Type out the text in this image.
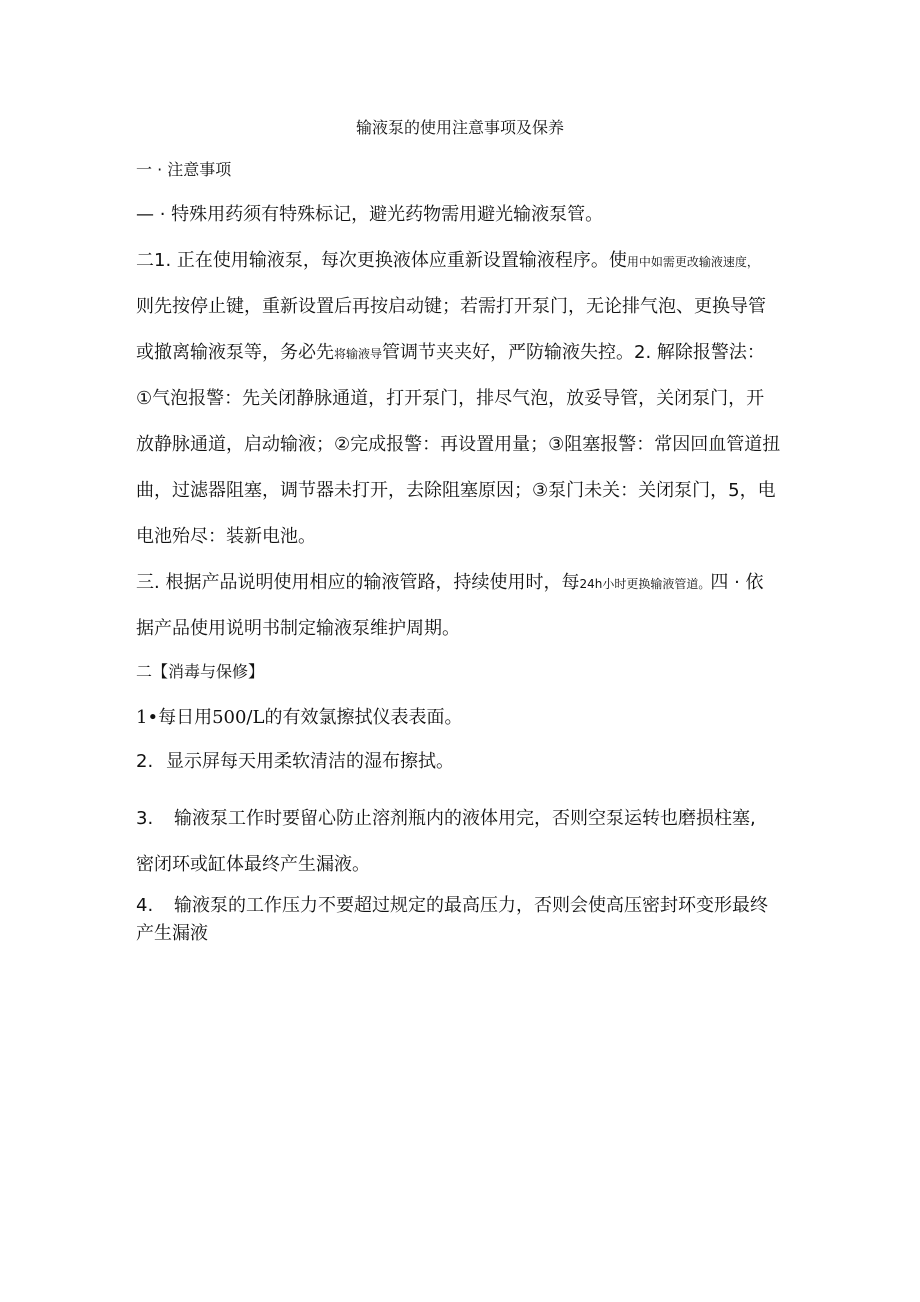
输液泵的使用注意事项及保养
一 · 注意事项
— · 特殊用药须有特殊标记，避光药物需用避光输液泵管。
二1. 正在使用输液泵，每次更换液体应重新设置输液程序。使用中如需更改输液速度，
则先按停止键，重新设置后再按启动键；若需打开泵门，无论排气泡、更换导管
或撤离输液泵等，务必先将输液导管调节夹夹好，严防输液失控。2. 解除报警法：
①气泡报警：先关闭静脉通道，打开泵门，排尽气泡，放妥导管，关闭泵门，开
放静脉通道，启动输液；②完成报警：再设置用量；③阻塞报警：常因回血管道扭
曲，过滤器阻塞，调节器未打开，去除阻塞原因；③泵门未关：关闭泵门，5，电
电池殆尽：装新电池。
三. 根据产品说明使用相应的输液管路，持续使用时，每24h小时更换输液管道。四 · 依
据产品使用说明书制定输液泵维护周期。
二【消毒与保修】
1•每日用500/L的有效氯擦拭仪表表面。
2. 显示屏每天用柔软清洁的湿布擦拭。
3. 输液泵工作时要留心防止溶剂瓶内的液体用完，否则空泵运转也磨损柱塞,
密闭环或缸体最终产生漏液。
4. 输液泵的工作压力不要超过规定的最高压力，否则会使高压密封环变形最终
产生漏液
